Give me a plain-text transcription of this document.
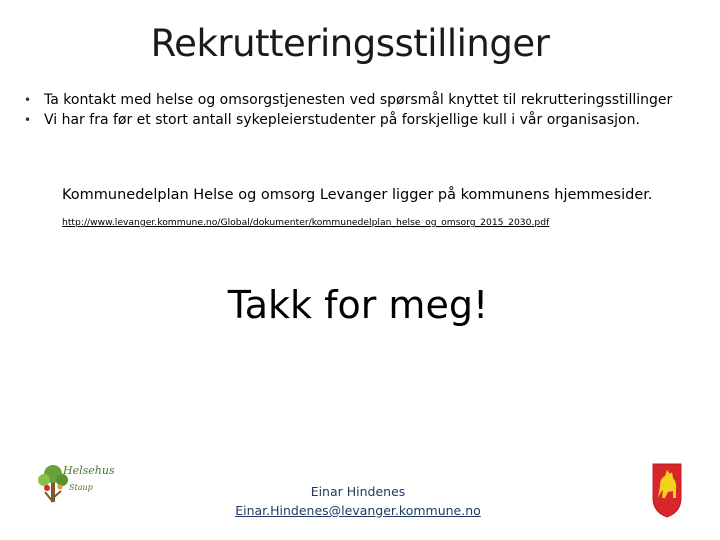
Rekrutteringsstillinger
• Ta kontakt med helse og omsorgstjenesten ved spørsmål knyttet til rekrutteringsstillinger
• Vi har fra før et stort antall sykepleierstudenter på forskjellige kull i vår organisasjon.
Kommunedelplan Helse og omsorg Levanger ligger på kommunens hjemmesider.
http://www.levanger.kommune.no/Global/dokumenter/kommunedelplan_helse_og_omsorg_2015_2030.pdf
Takk for meg!
Helsehus
Staup	Einar Hindenes
Einar.Hindenes@levanger.kommune.no
